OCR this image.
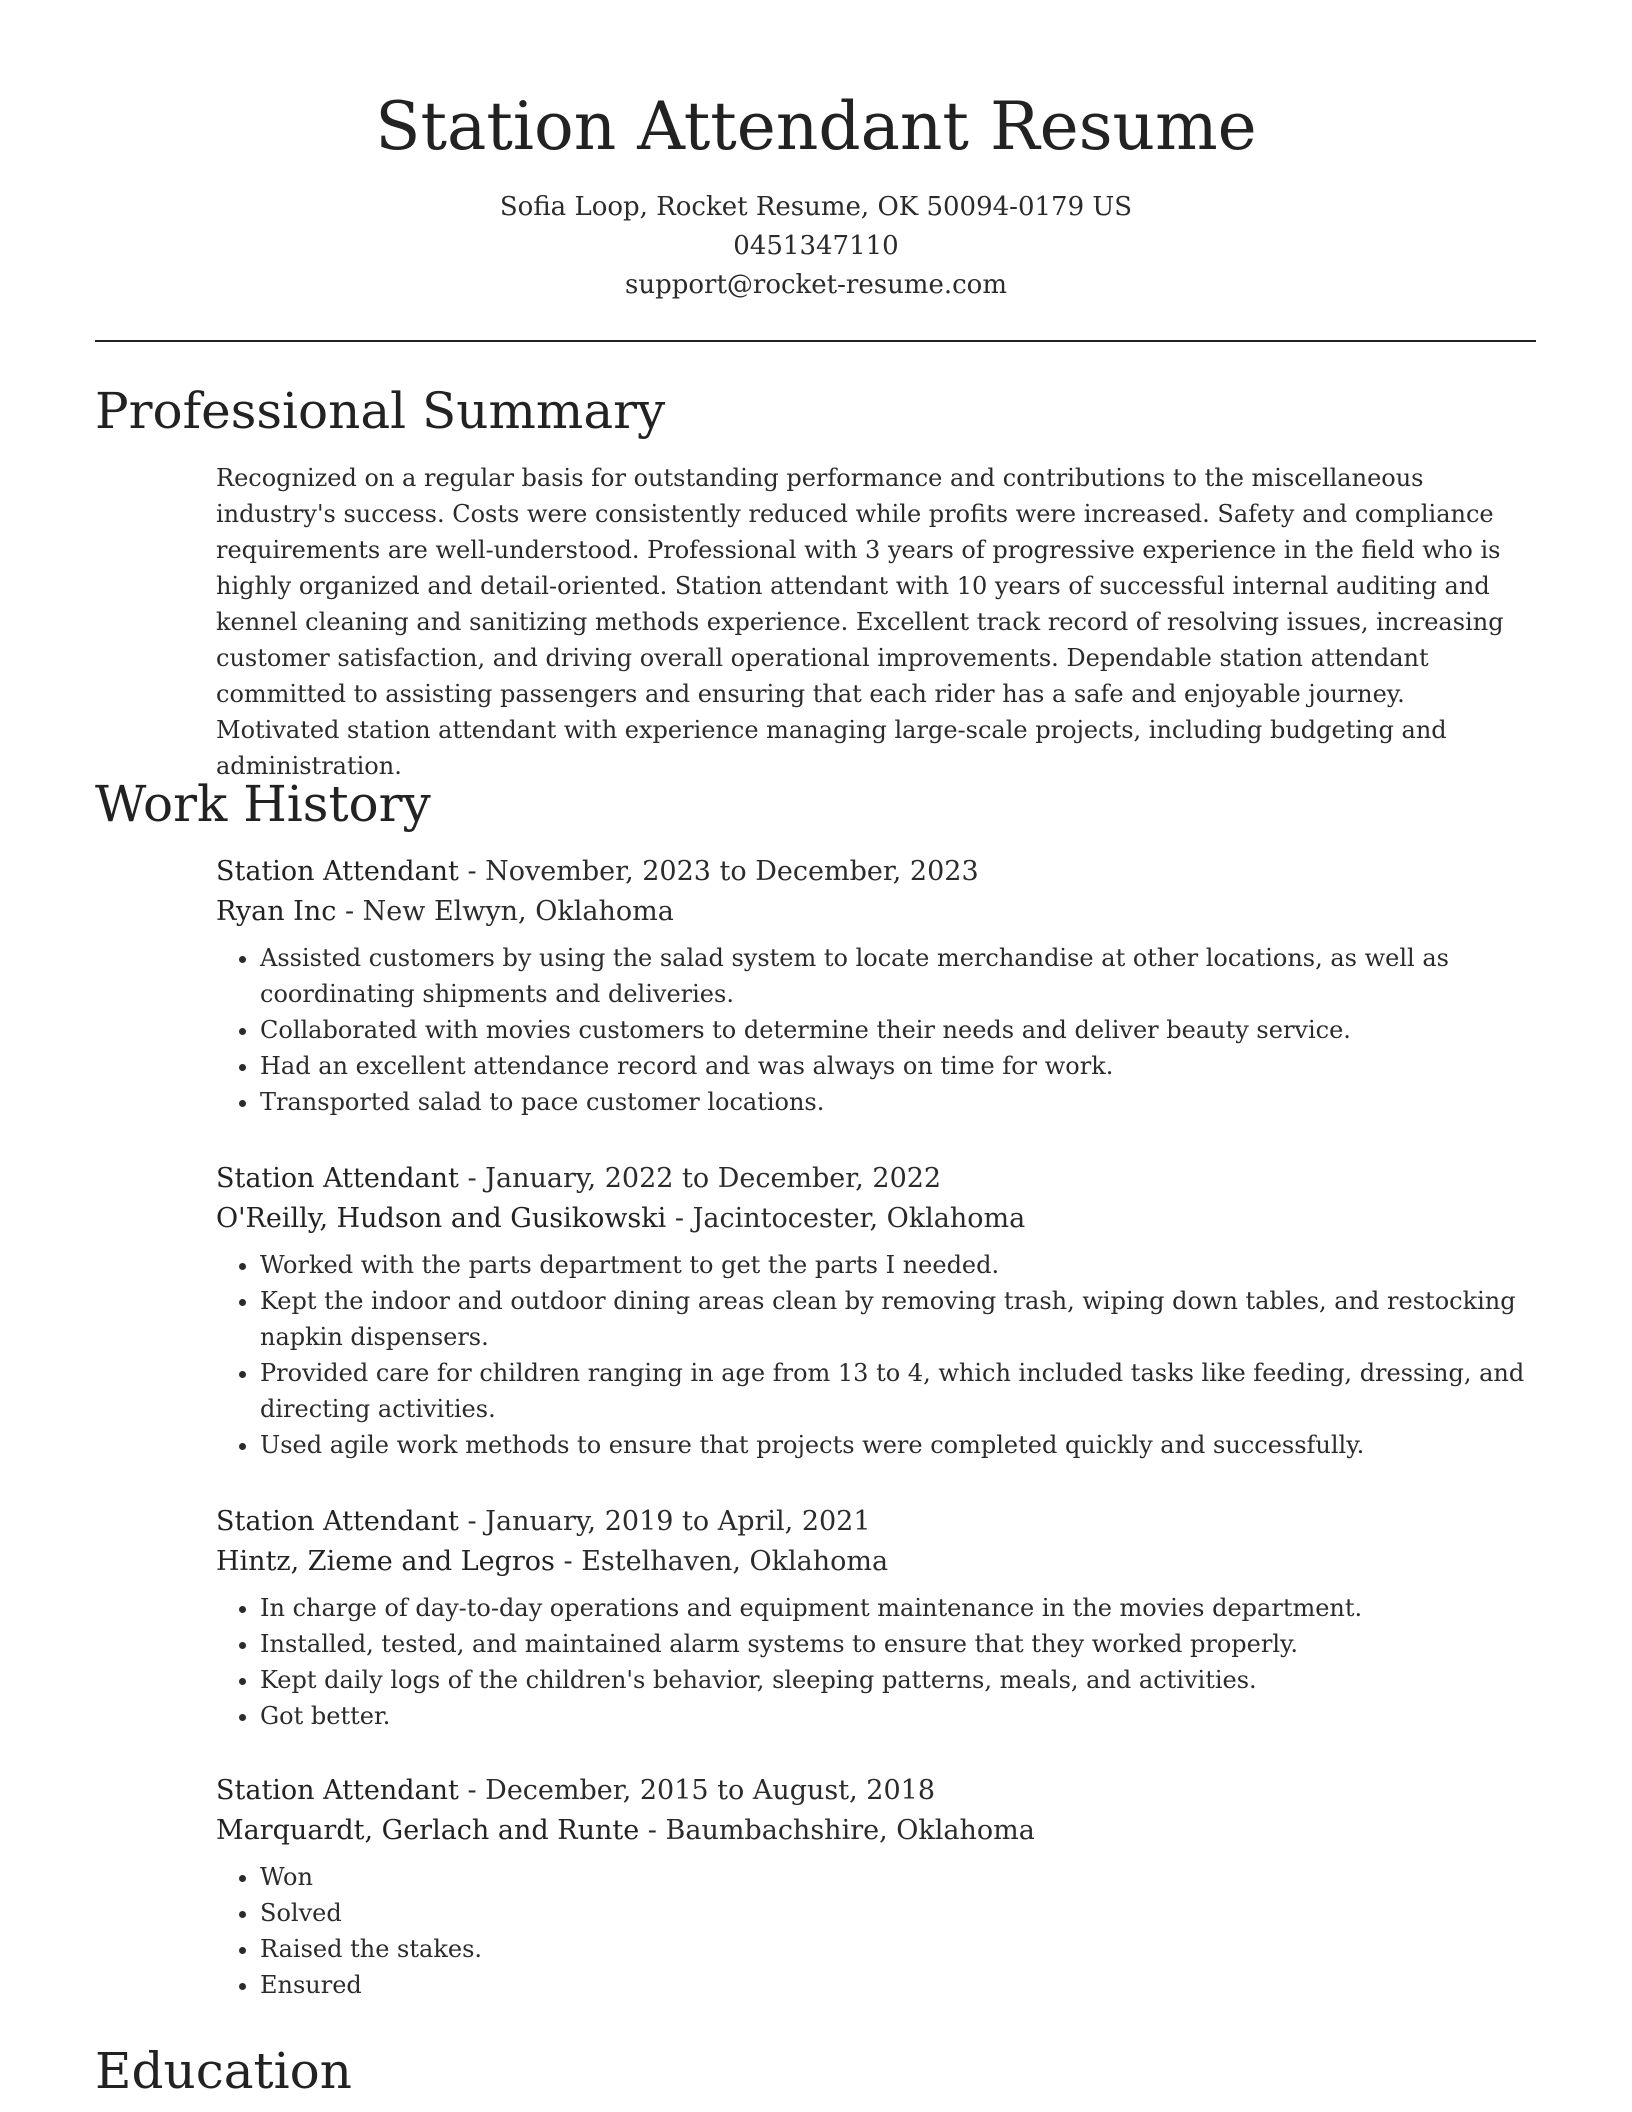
Station Attendant Resume
Sofia Loop, Rocket Resume, OK 50094-0179 US
0451347110
support@rocket-resume.com
Professional Summary

Recognized on a regular basis for outstanding performance and contributions to the miscellaneous industry's success. Costs were consistently reduced while profits were increased. Safety and compliance requirements are well-understood. Professional with 3 years of progressive experience in the field who is highly organized and detail-oriented. Station attendant with 10 years of successful internal auditing and kennel cleaning and sanitizing methods experience. Excellent track record of resolving issues, increasing customer satisfaction, and driving overall operational improvements. Dependable station attendant committed to assisting passengers and ensuring that each rider has a safe and enjoyable journey. Motivated station attendant with experience managing large-scale projects, including budgeting and administration.

Work History
Station Attendant - November, 2023 to December, 2023
Ryan Inc - New Elwyn, Oklahoma
• Assisted customers by using the salad system to locate merchandise at other locations, as well as coordinating shipments and deliveries.
• Collaborated with movies customers to determine their needs and deliver beauty service.
• Had an excellent attendance record and was always on time for work.
• Transported salad to pace customer locations.
Station Attendant - January, 2022 to December, 2022
O'Reilly, Hudson and Gusikowski - Jacintocester, Oklahoma
• Worked with the parts department to get the parts I needed.
• Kept the indoor and outdoor dining areas clean by removing trash, wiping down tables, and restocking napkin dispensers.
• Provided care for children ranging in age from 13 to 4, which included tasks like feeding, dressing, and directing activities.
• Used agile work methods to ensure that projects were completed quickly and successfully.
Station Attendant - January, 2019 to April, 2021
Hintz, Zieme and Legros - Estelhaven, Oklahoma
• In charge of day-to-day operations and equipment maintenance in the movies department.
• Installed, tested, and maintained alarm systems to ensure that they worked properly.
• Kept daily logs of the children's behavior, sleeping patterns, meals, and activities.
• Got better.
Station Attendant - December, 2015 to August, 2018
Marquardt, Gerlach and Runte - Baumbachshire, Oklahoma
• Won
• Solved
• Raised the stakes.
• Ensured
Education
